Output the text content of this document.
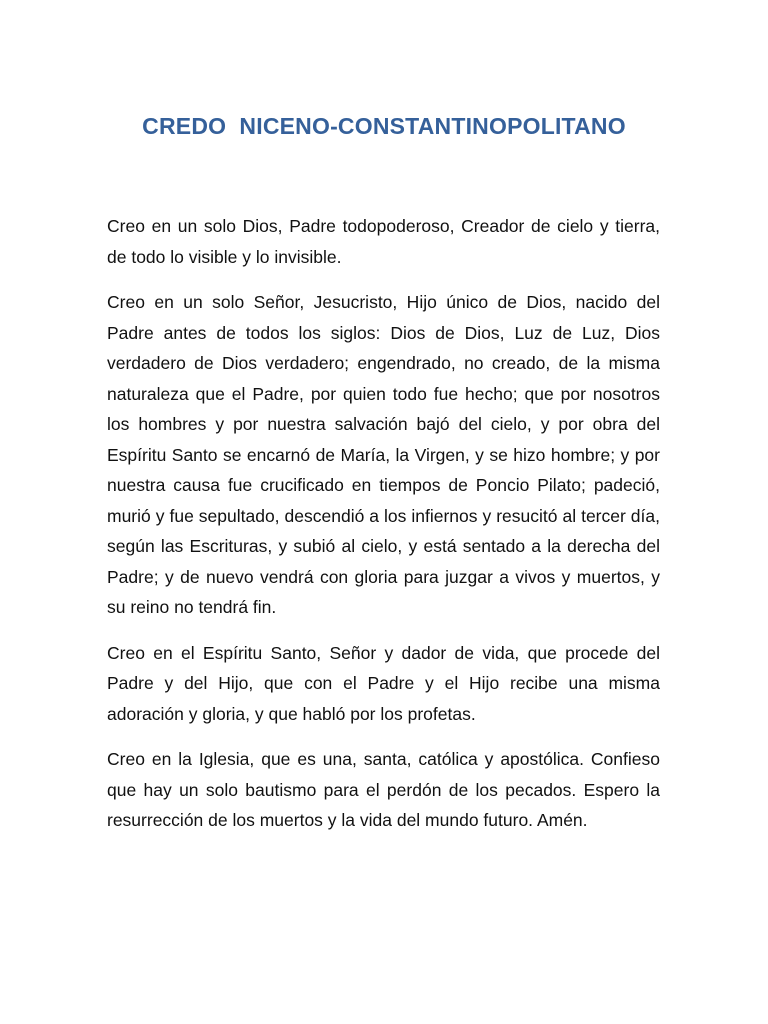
CREDO  NICENO-CONSTANTINOPOLITANO

Creo en un solo Dios, Padre todopoderoso, Creador de cielo y tierra, de todo lo visible y lo invisible.

Creo en un solo Señor, Jesucristo, Hijo único de Dios, nacido del Padre antes de todos los siglos: Dios de Dios, Luz de Luz, Dios verdadero de Dios verdadero; engendrado, no creado, de la misma naturaleza que el Padre, por quien todo fue hecho; que por nosotros los hombres y por nuestra salvación bajó del cielo, y por obra del Espíritu Santo se encarnó de María, la Virgen, y se hizo hombre; y por nuestra causa fue crucificado en tiempos de Poncio Pilato; padeció, murió y fue sepultado, descendió a los infiernos y resucitó al tercer día, según las Escrituras, y subió al cielo, y está sentado a la derecha del Padre; y de nuevo vendrá con gloria para juzgar a vivos y muertos, y su reino no tendrá fin.

Creo en el Espíritu Santo, Señor y dador de vida, que procede del Padre y del Hijo, que con el Padre y el Hijo recibe una misma adoración y gloria, y que habló por los profetas.

Creo en la Iglesia, que es una, santa, católica y apostólica. Confieso que hay un solo bautismo para el perdón de los pecados. Espero la resurrección de los muertos y la vida del mundo futuro. Amén.
